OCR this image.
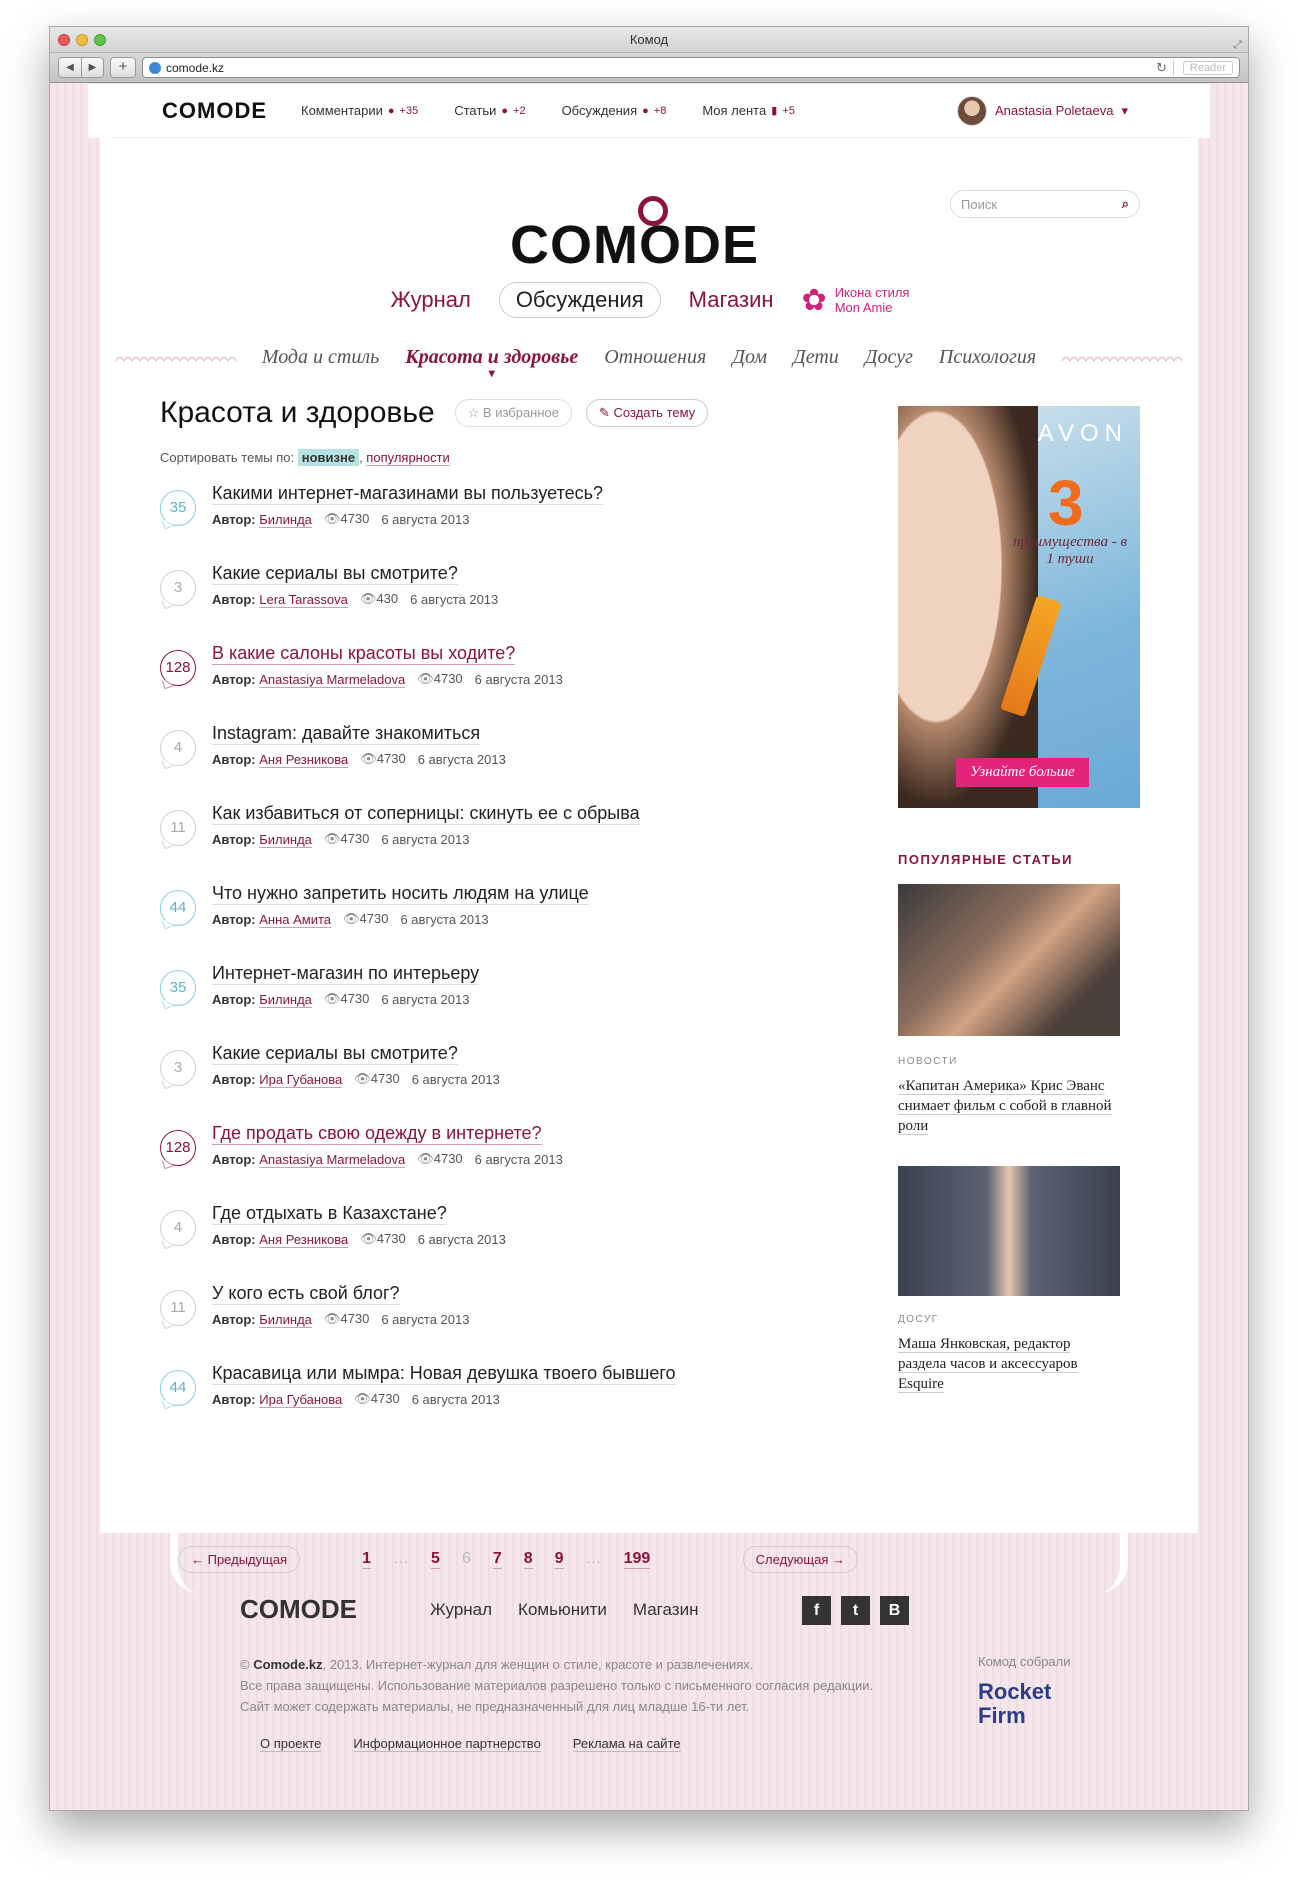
Комод	⤢
◀	▶	+	comode.kz	↻	Reader
COMODE	Комментарии ● +35	Статьи ● +2	Обсуждения ● +8	Моя лента ▮ +5	Anastasia Poletaeva ▾
Поиск	⌕
COMODE
Журнал	Обсуждения	Магазин ✿ Икона стиля
Mon Amie
Мода и стиль Красота и здоровье ▾ Отношения Дом Дети Досуг Психология
Красота и здоровье	☆ В избранное	✎ Создать тему
Сортировать темы по: новизне , популярности
35
Какими интернет-магазинами вы пользуетесь?
Автор: Билинда 👁4730 6 августа 2013
3
Какие сериалы вы смотрите?
Автор: Lera Tarassova 👁430 6 августа 2013
128
В какие салоны красоты вы ходите?
Автор: Anastasiya Marmeladova 👁4730 6 августа 2013
4
Instagram: давайте знакомиться
Автор: Аня Резникова 👁4730 6 августа 2013
11
Как избавиться от соперницы: скинуть ее с обрыва
Автор: Билинда 👁4730 6 августа 2013
44
Что нужно запретить носить людям на улице
Автор: Анна Амита 👁4730 6 августа 2013
35
Интернет-магазин по интерьеру
Автор: Билинда 👁4730 6 августа 2013
3
Какие сериалы вы смотрите?
Автор: Ира Губанова 👁4730 6 августа 2013
128
Где продать свою одежду в интернете?
Автор: Anastasiya Marmeladova 👁4730 6 августа 2013
4
Где отдыхать в Казахстане?
Автор: Аня Резникова 👁4730 6 августа 2013
11
У кого есть свой блог?
Автор: Билинда 👁4730 6 августа 2013
44
Красавица или мымра: Новая девушка твоего бывшего
Автор: Ира Губанова 👁4730 6 августа 2013
← Предыдущая	1 … 5 6 7 8 9 … 199	Следующая →
AVON
3
преимущества - в 1 туши
Узнайте больше
ПОПУЛЯРНЫЕ СТАТЬИ
НОВОСТИ
«Капитан Америка» Крис Эванс снимает фильм с собой в главной роли
ДОСУГ
Маша Янковская, редактор раздела часов и аксессуаров Esquire
COMODE	Журнал Комьюнити Магазин	f	t	B
© Comode.kz, 2013. Интернет-журнал для женщин о стиле, красоте и развлечениях.
Все права защищены. Использование материалов разрешено только с письменного согласия редакции.
Сайт может содержать материалы, не предназначенный для лиц младше 16-ти лет.
Комод собрали
Rocket
Firm
О проекте Информационное партнерство Реклама на сайте
